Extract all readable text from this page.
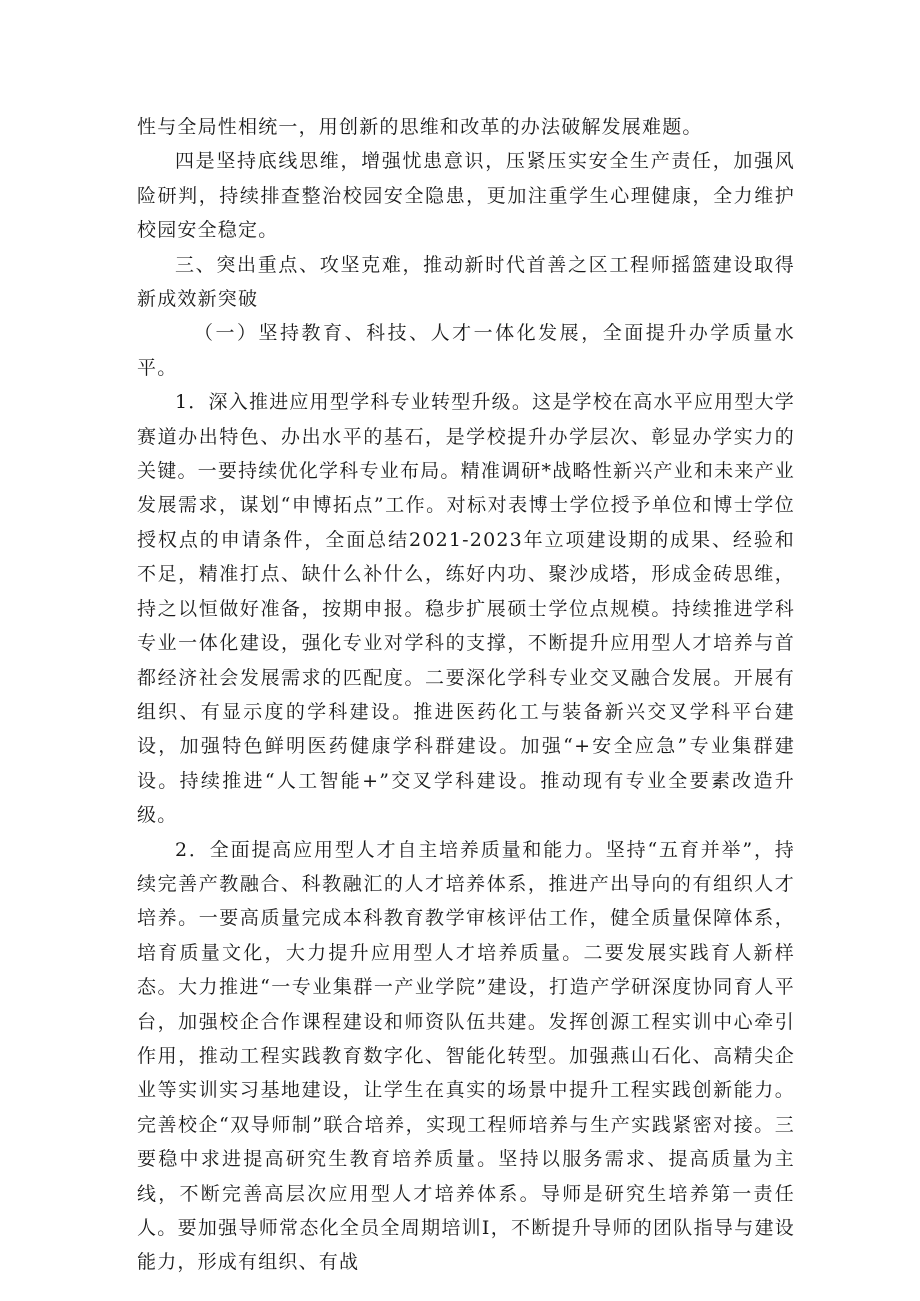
性与全局性相统一，用创新的思维和改革的办法破解发展难题。

四是坚持底线思维，增强忧患意识，压紧压实安全生产责任，加强风险研判，持续排查整治校园安全隐患，更加注重学生心理健康，全力维护校园安全稳定。

三、突出重点、攻坚克难，推动新时代首善之区工程师摇篮建设取得新成效新突破

（一）坚持教育、科技、人才一体化发展，全面提升办学质量水平。

1．深入推进应用型学科专业转型升级。这是学校在高水平应用型大学赛道办出特色、办出水平的基石，是学校提升办学层次、彰显办学实力的关键。一要持续优化学科专业布局。精准调研*战略性新兴产业和未来产业发展需求，谋划“申博拓点”工作。对标对表博士学位授予单位和博士学位授权点的申请条件，全面总结2021-2023年立项建设期的成果、经验和不足，精准打点、缺什么补什么，练好内功、聚沙成塔，形成金砖思维，持之以恒做好准备，按期申报。稳步扩展硕士学位点规模。持续推进学科专业一体化建设，强化专业对学科的支撑，不断提升应用型人才培养与首都经济社会发展需求的匹配度。二要深化学科专业交叉融合发展。开展有组织、有显示度的学科建设。推进医药化工与装备新兴交叉学科平台建设，加强特色鲜明医药健康学科群建设。加强“+安全应急”专业集群建设。持续推进“人工智能+”交叉学科建设。推动现有专业全要素改造升级。

2．全面提高应用型人才自主培养质量和能力。坚持“五育并举”，持续完善产教融合、科教融汇的人才培养体系，推进产出导向的有组织人才培养。一要高质量完成本科教育教学审核评估工作，健全质量保障体系，培育质量文化，大力提升应用型人才培养质量。二要发展实践育人新样态。大力推进“一专业集群一产业学院”建设，打造产学研深度协同育人平台，加强校企合作课程建设和师资队伍共建。发挥创源工程实训中心牵引作用，推动工程实践教育数字化、智能化转型。加强燕山石化、高精尖企业等实训实习基地建设，让学生在真实的场景中提升工程实践创新能力。完善校企“双导师制”联合培养，实现工程师培养与生产实践紧密对接。三要稳中求进提高研究生教育培养质量。坚持以服务需求、提高质量为主线，不断完善高层次应用型人才培养体系。导师是研究生培养第一责任人。要加强导师常态化全员全周期培训I，不断提升导师的团队指导与建设能力，形成有组织、有战
